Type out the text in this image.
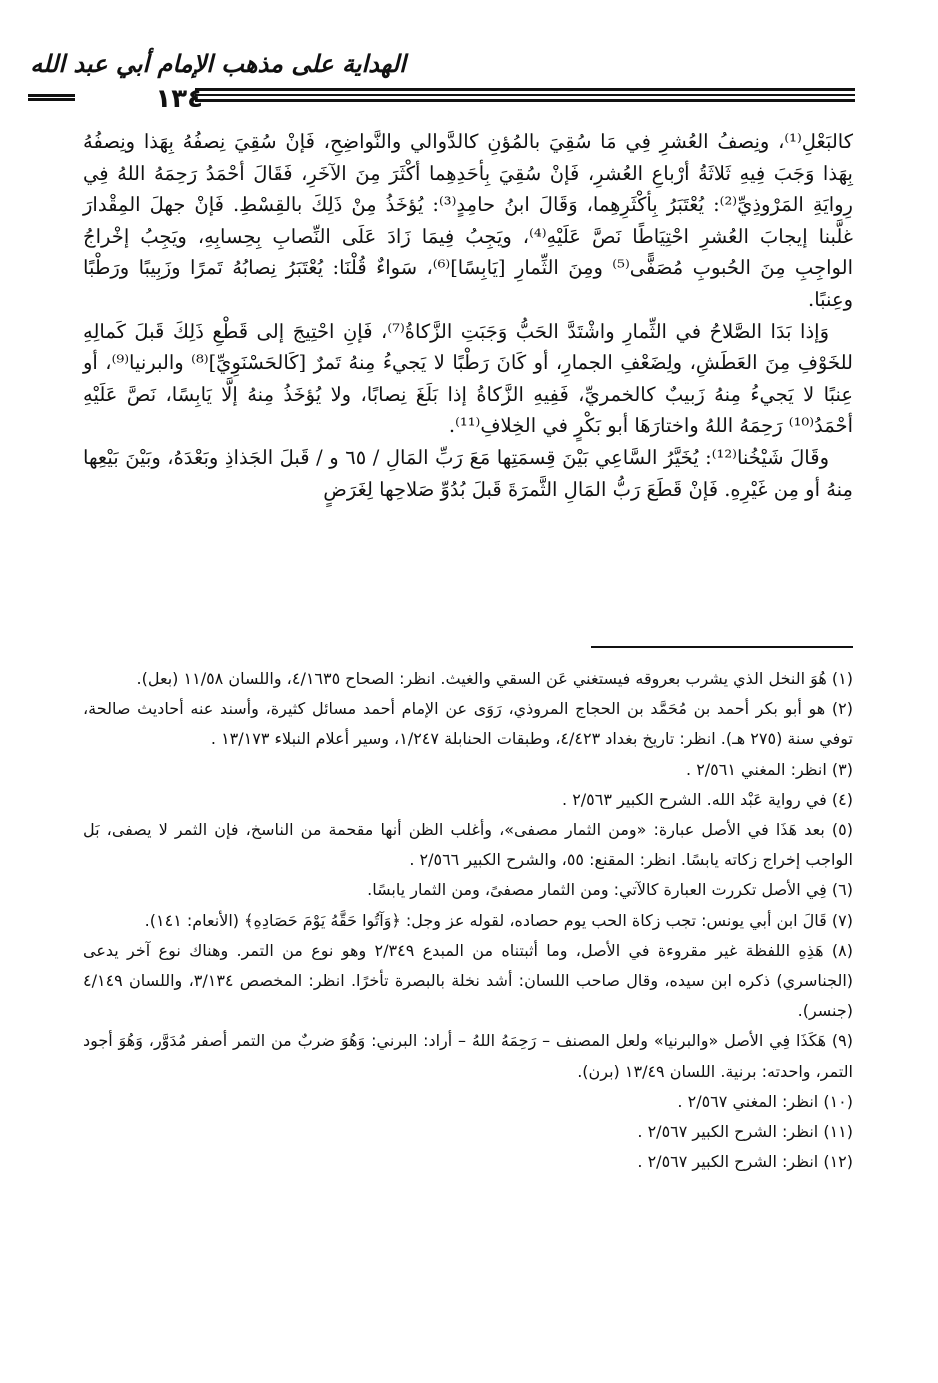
الهداية على مذهب الإمام أبي عبد الله
١٣٤

كالبَعْلِ⁽¹⁾، ونِصفُ العُشرِ فِي مَا سُقِيَ بالمُؤنِ كالدَّوالي والنَّواضِحِ، فَإنْ سُقِيَ نِصفُهُ بِهَذا ونِصفُهُ بِهَذا وَجَبَ فِيهِ ثَلاثَةُ أرْباعِ العُشرِ، فَإنْ سُقِيَ بِأحَدِهِما أكْثَرَ مِنَ الآخَرِ، فَقَالَ أحْمَدُ رَحِمَهُ اللهُ فِي رِوايَةِ المَرْوذِيِّ⁽²⁾: يُعْتَبَرُ بِأكْثَرِهِما، وَقَالَ ابنُ حامِدٍ⁽³⁾: يُؤخَذُ مِنْ ذَلِكَ بالقِسْطِ. فَإنْ جهلَ المِقْدارَ غلَّبنا إيجابَ العُشرِ احْتِيَاطًا نَصَّ عَلَيْهِ⁽⁴⁾، ويَجِبُ فِيمَا زَادَ عَلَى النِّصابِ بِحِسابِهِ، ويَجِبُ إخْراجُ الواجِبِ مِنَ الحُبوبِ مُصَفًّى⁽⁵⁾ ومِنَ الثِّمارِ [يَابِسًا]⁽⁶⁾، سَواءٌ قُلْنَا: يُعْتَبَرُ نِصابُهُ تَمرًا وزَبِيبًا ورَطْبًا وعِنبًا.

وَإذا بَدَا الصَّلاحُ في الثِّمارِ واشْتَدَّ الحَبُّ وَجَبَتِ الزَّكاةُ⁽⁷⁾، فَإنِ احْتِيجَ إلى قَطْعِ ذَلِكَ قَبلَ كَمالِهِ للخَوْفِ مِنَ العَطَشِ، ولِضَعْفِ الجمارِ، أو كَانَ رَطْبًا لا يَجيءُ مِنهُ تَمرٌ [كَالحَسْنَوِيِّ]⁽⁸⁾ والبرنيا⁽⁹⁾، أو عِنبًا لا يَجيءُ مِنهُ زَبيبٌ كالخمريِّ، فَفِيهِ الزَّكاةُ إذا بَلَغَ نِصابًا، ولا يُؤخَذُ مِنهُ إلَّا يَابِسًا، نَصَّ عَلَيْهِ أحْمَدُ⁽¹⁰⁾ رَحِمَهُ اللهُ واختارَهَا أبو بَكْرٍ في الخِلافِ⁽¹¹⁾.

وقَالَ شَيْخُنا⁽¹²⁾: يُخَيَّرُ السَّاعِي بَيْنَ قِسمَتِها مَعَ رَبِّ المَالِ / ٦٥ و / قَبلَ الجَذاذِ وبَعْدَهُ، وبَيْنَ بَيْعِها مِنهُ أو مِن غَيْرِهِ. فَإنْ قَطَعَ رَبُّ المَالِ الثَّمرَةَ قَبلَ بُدُوِّ صَلاحِها لِغَرَضٍ

(١) هُوَ النخل الذي يشرب بعروقه فيستغني عَن السقي والغيث. انظر: الصحاح ٤/١٦٣٥، واللسان ١١/٥٨ (بعل).

(٢) هو أبو بكر أحمد بن مُحَمَّد بن الحجاج المروذي، رَوَى عن الإمام أحمد مسائل كثيرة، وأسند عنه أحاديث صالحة، توفي سنة (٢٧٥ هـ). انظر: تاريخ بغداد ٤/٤٢٣، وطبقات الحنابلة ١/٢٤٧، وسير أعلام النبلاء ١٣/١٧٣ .

(٣) انظر: المغني ٢/٥٦١ .

(٤) في رواية عَبْد الله. الشرح الكبير ٢/٥٦٣ .

(٥) بعد هَذَا في الأصل عبارة: «ومن الثمار مصفى»، وأغلب الظن أنها مقحمة من الناسخ، فإن الثمر لا يصفى، بَل الواجب إخراج زكاته يابسًا. انظر: المقنع: ٥٥، والشرح الكبير ٢/٥٦٦ .

(٦) فِي الأصل تكررت العبارة كالآتي: ومن الثمار مصفىً، ومن الثمار يابسًا.

(٧) قَالَ ابن أبي يونس: تجب زكاة الحب يوم حصاده، لقوله عز وجل: ﴿وَآتُوا حَقَّهُ يَوْمَ حَصَادِهِ﴾ (الأنعام: ١٤١).

(٨) هَذِهِ اللفظة غير مقروءة في الأصل، وما أثبتناه من المبدع ٢/٣٤٩ وهو نوع من التمر. وهناك نوع آخر يدعى (الجناسري) ذكره ابن سيده، وقال صاحب اللسان: أشد نخلة بالبصرة تأخرًا. انظر: المخصص ٣/١٣٤، واللسان ٤/١٤٩ (جنسر).

(٩) هَكَذَا فِي الأصل «والبرنيا» ولعل المصنف – رَحِمَهُ اللهُ – أراد: البرني: وَهُوَ ضربٌ من التمر أصفر مُدَوَّر، وَهُوَ أجود التمر، واحدته: برنية. اللسان ١٣/٤٩ (برن).

(١٠) انظر: المغني ٢/٥٦٧ .

(١١) انظر: الشرح الكبير ٢/٥٦٧ .

(١٢) انظر: الشرح الكبير ٢/٥٦٧ .
